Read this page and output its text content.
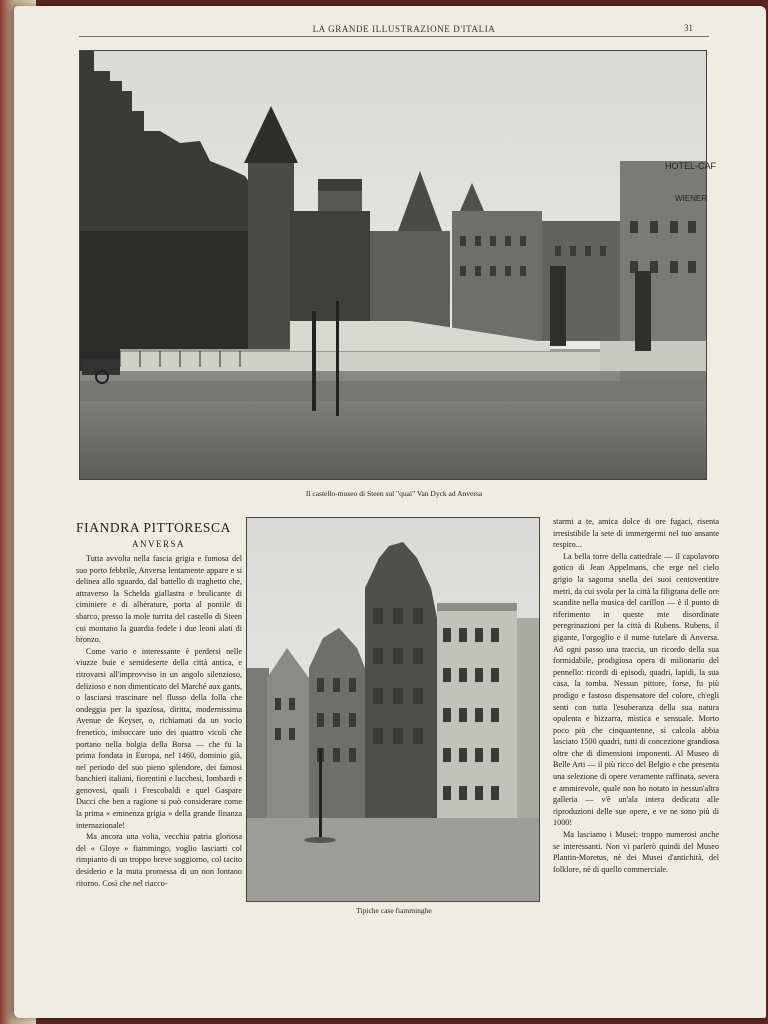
LA GRANDE ILLUSTRAZIONE D'ITALIA	31
HOTEL-CAF
WIENER
Il castello-museo di Steen sul "quai" Van Dyck ad Anversa
FIANDRA PITTORESCA
ANVERSA

Tutta avvolta nella fascia grigia e fumosa del suo porto febbrile, Anversa lentamente appare e si delinea allo sguardo, dal battello di traghetto che, attraverso la Schelda giallastra e brulicante di ciminiere e di alberature, porta al pontile di sbarco, presso la mole turrita del castello di Steen cui montano la guardia fedele i due leoni alati di bronzo.

Come vario e interessante è perdersi nelle viuzze buie e semideserte della città antica, e ritrovarsi all'improvviso in un angolo silenzioso, delizioso e non dimenticato del Marché aux gants, o lasciarsi trascinare nel flusso della folla che ondeggia per la spaziosa, diritta, modernissima Avenue de Keyser, o, richiamati da un vocìo frenetico, imboccare uno dei quattro vicoli che portano nella bolgia della Borsa — che fu la prima fondata in Europa, nel 1460, dominio già, nel periodo del suo pieno splendore, dei famosi banchieri italiani, fiorentini e lucchesi, lombardi e genovesi, quali i Frescobaldi e quel Gaspare Ducci che ben a ragione si può considerare come la prima « eminenza grigia » della grande finanza internazionale!

Ma ancora una volta, vecchia patria gloriosa del « Gloye » fiammingo, voglio lasciarti col rimpianto di un troppo breve soggiorno, col tacito desiderio e la muta promessa di un non lontano ritorno. Così che nel riacco-

Tipiche case fiamminghe

starmi a te, amica dolce di ore fugaci, risenta irresistibile la sete di immergermi nel tuo ansante respiro...

La bella torre della cattedrale — il capolavoro gotico di Jean Appelmans, che erge nel cielo grigio la sagoma snella dei suoi centoventitre metri, da cui svola per la città la filigrana delle ore scandite nella musica del carillon — è il punto di riferimento in queste mie disordinate peregrinazioni per la città di Rubens. Rubens, il gigante, l'orgoglio e il nume tutelare di Anversa. Ad ogni passo una traccia, un ricordo della sua formidabile, prodigiosa opera di milionario del pennello: ricordi di episodi, quadri, lapidi, la sua casa, la tomba. Nessun pittore, forse, fu più prodigo e fastoso dispensatore del colore, ch'egli senti con tutta l'esuberanza della sua natura opulenta e bizzarra, mistica e sensuale. Morto poco più che cinquantenne, si calcola abbia lasciato 1500 quadri, tutti di concezione grandiosa oltre che di dimensioni imponenti. Al Museo di Belle Arti — il più ricco del Belgio e che presenta una selezione di opere veramente raffinata, severa e ammirevole, quale non ho notato in nessun'altra galleria — v'è un'ala intera dedicata alle riproduzioni delle sue opere, e ve ne sono più di 1000!

Ma lasciamo i Musei: troppo numerosi anche se interessanti. Non vi parlerò quindi del Museo Plantin-Moretus, nè dei Musei d'antichità, del folklore, nè di quello commerciale.
